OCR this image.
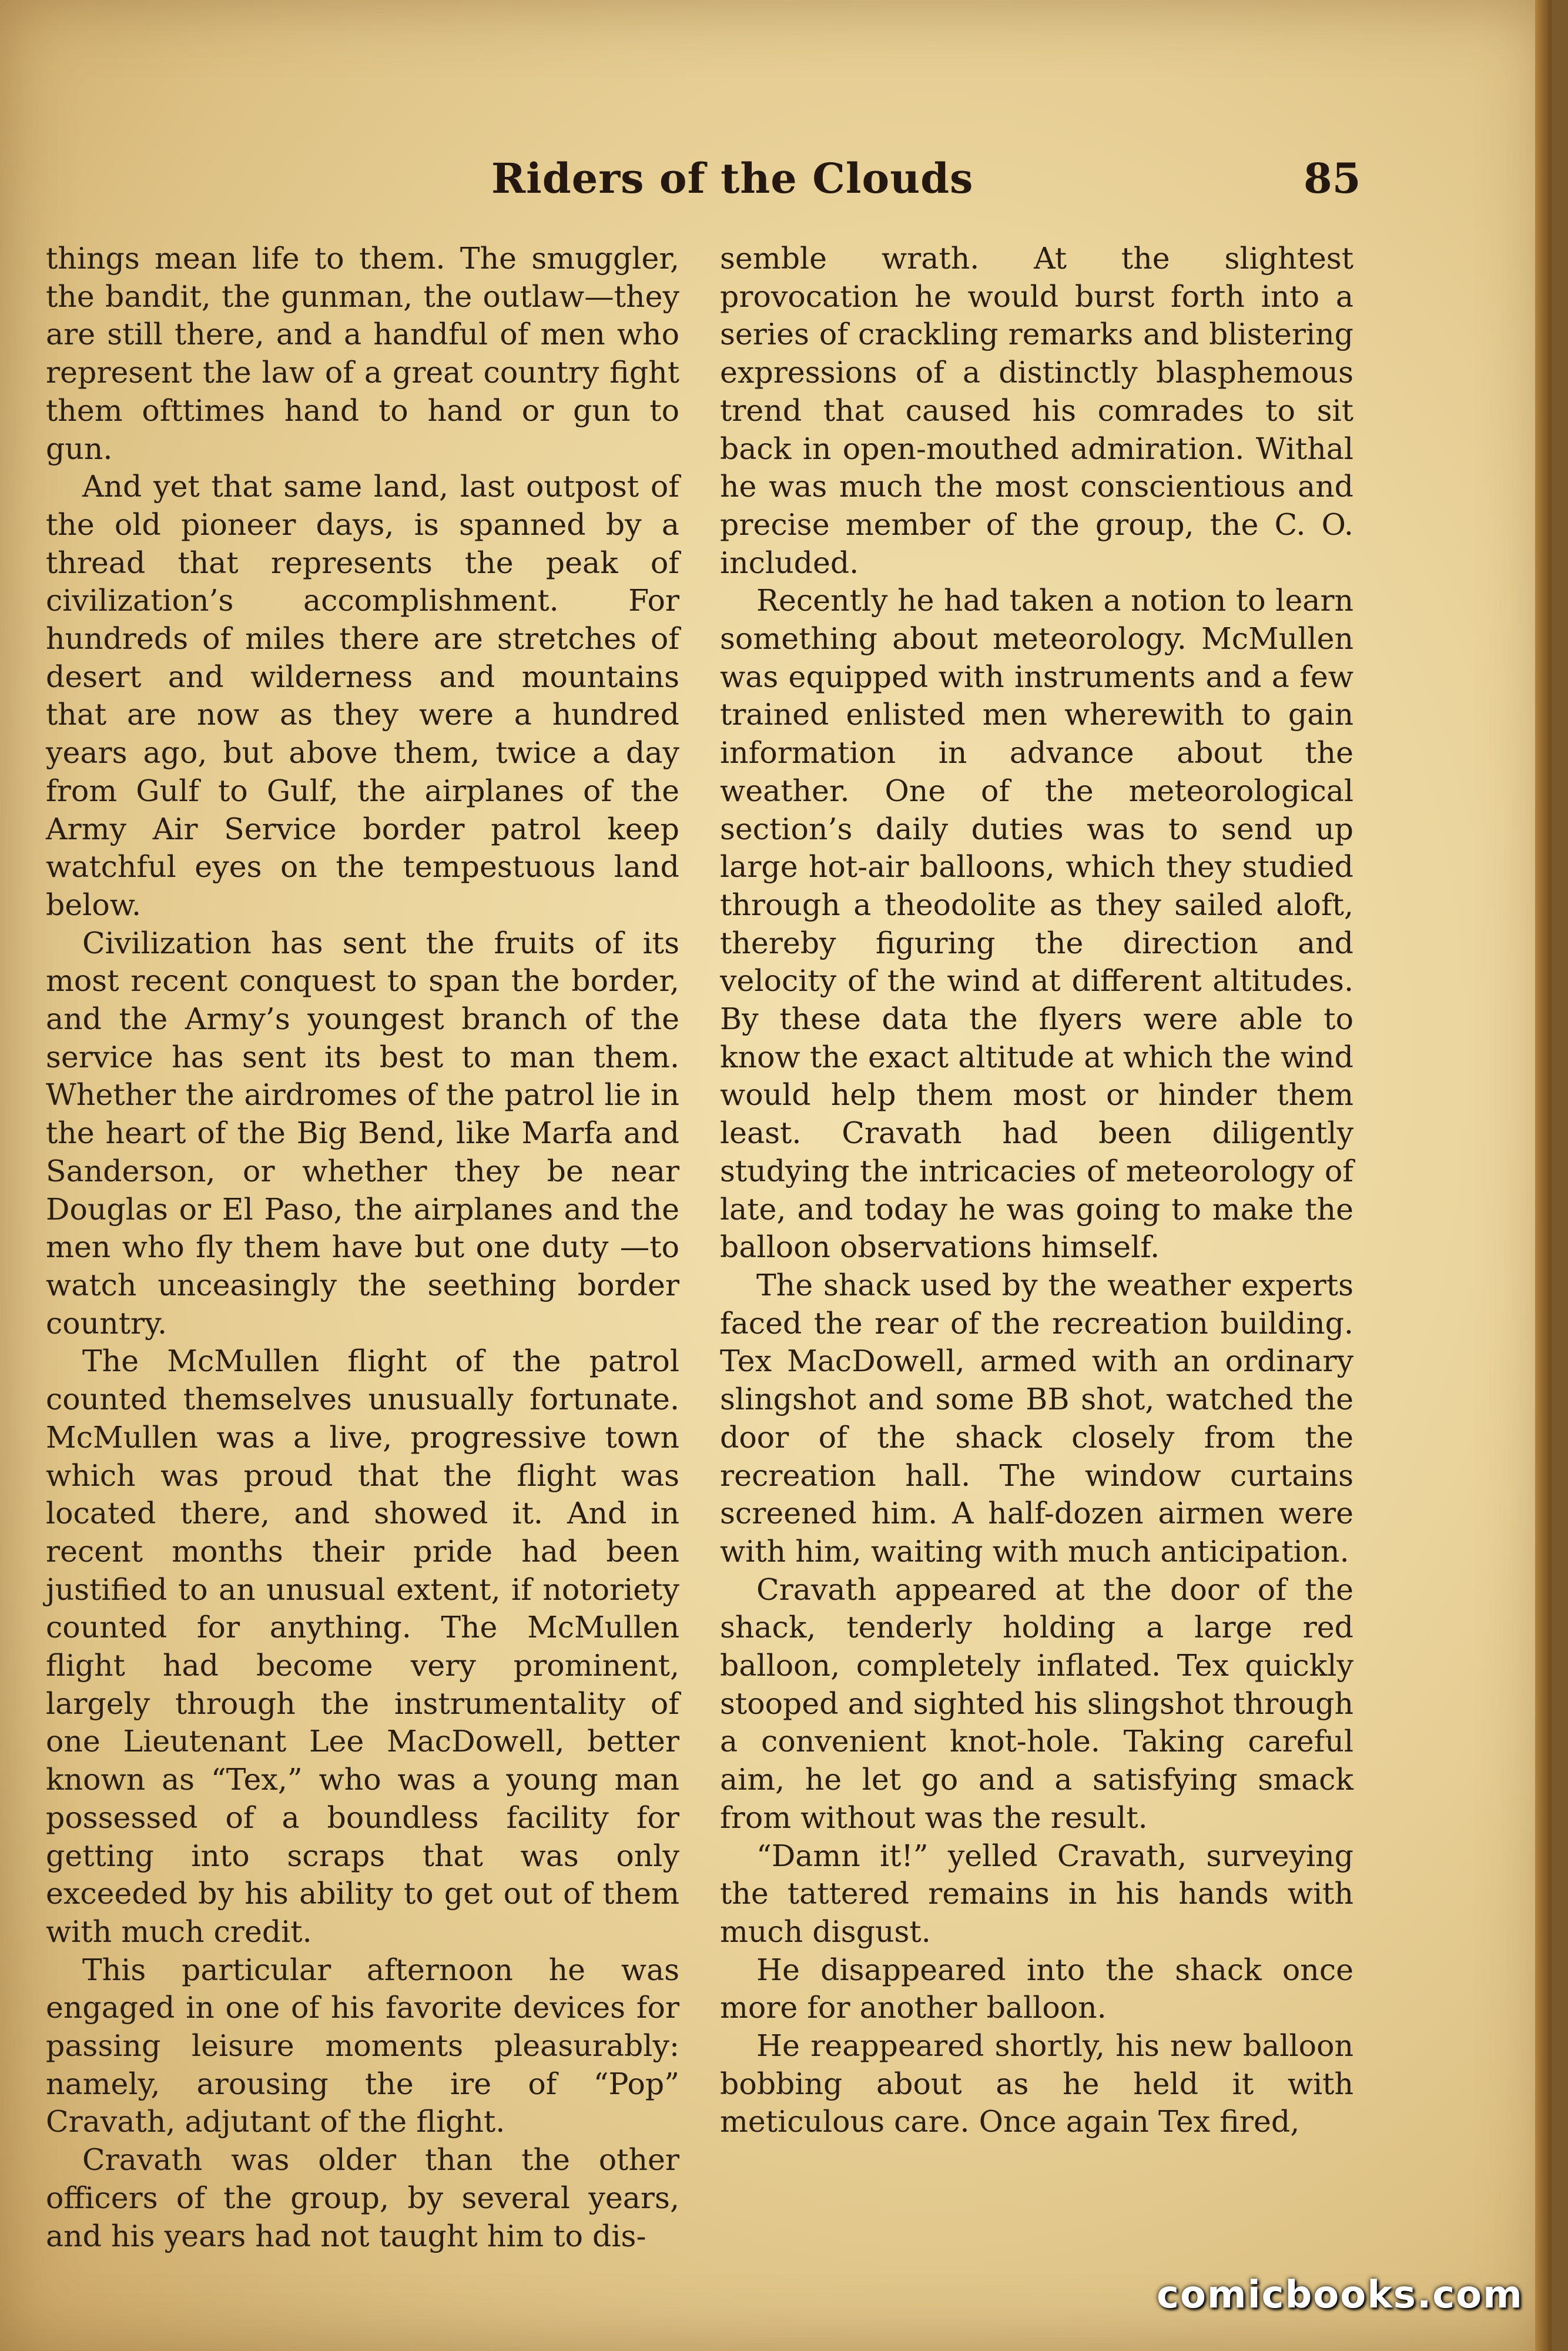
Riders of the Clouds	85

things mean life to them. The smuggler, the bandit, the gunman, the outlaw—they are still there, and a handful of men who represent the law of a great country fight them ofttimes hand to hand or gun to gun.

And yet that same land, last outpost of the old pioneer days, is spanned by a thread that represents the peak of civilization’s accomplishment. For hundreds of miles there are stretches of desert and wilderness and mountains that are now as they were a hundred years ago, but above them, twice a day from Gulf to Gulf, the airplanes of the Army Air Service border patrol keep watchful eyes on the tempestuous land below.

Civilization has sent the fruits of its most recent conquest to span the border, and the Army’s youngest branch of the service has sent its best to man them. Whether the airdromes of the patrol lie in the heart of the Big Bend, like Marfa and Sanderson, or whether they be near Douglas or El Paso, the airplanes and the men who fly them have but one duty —to watch unceasingly the seething border country.

The McMullen flight of the patrol counted themselves unusually fortunate. McMullen was a live, progressive town which was proud that the flight was located there, and showed it. And in recent months their pride had been justified to an unusual extent, if notoriety counted for anything. The McMullen flight had become very prominent, largely through the instrumentality of one Lieutenant Lee MacDowell, better known as “Tex,” who was a young man possessed of a boundless facility for getting into scraps that was only exceeded by his ability to get out of them with much credit.

This particular afternoon he was engaged in one of his favorite devices for passing leisure moments pleasurably: namely, arousing the ire of “Pop” Cravath, adjutant of the flight.

Cravath was older than the other officers of the group, by several years, and his years had not taught him to dis-

semble wrath. At the slightest provocation he would burst forth into a series of crackling remarks and blistering expressions of a distinctly blasphemous trend that caused his comrades to sit back in open-mouthed admiration. Withal he was much the most conscientious and precise member of the group, the C. O. included.

Recently he had taken a notion to learn something about meteorology. McMullen was equipped with instruments and a few trained enlisted men wherewith to gain information in advance about the weather. One of the meteorological section’s daily duties was to send up large hot-air balloons, which they studied through a theodolite as they sailed aloft, thereby figuring the direction and velocity of the wind at different altitudes. By these data the flyers were able to know the exact altitude at which the wind would help them most or hinder them least. Cravath had been diligently studying the intricacies of meteorology of late, and today he was going to make the balloon observations himself.

The shack used by the weather experts faced the rear of the recreation building. Tex MacDowell, armed with an ordinary slingshot and some BB shot, watched the door of the shack closely from the recreation hall. The window curtains screened him. A half-dozen airmen were with him, waiting with much anticipation.

Cravath appeared at the door of the shack, tenderly holding a large red balloon, completely inflated. Tex quickly stooped and sighted his slingshot through a convenient knot-hole. Taking careful aim, he let go and a satisfying smack from without was the result.

“Damn it!” yelled Cravath, surveying the tattered remains in his hands with much disgust.

He disappeared into the shack once more for another balloon.

He reappeared shortly, his new balloon bobbing about as he held it with meticulous care. Once again Tex fired,

comicbooks.com
